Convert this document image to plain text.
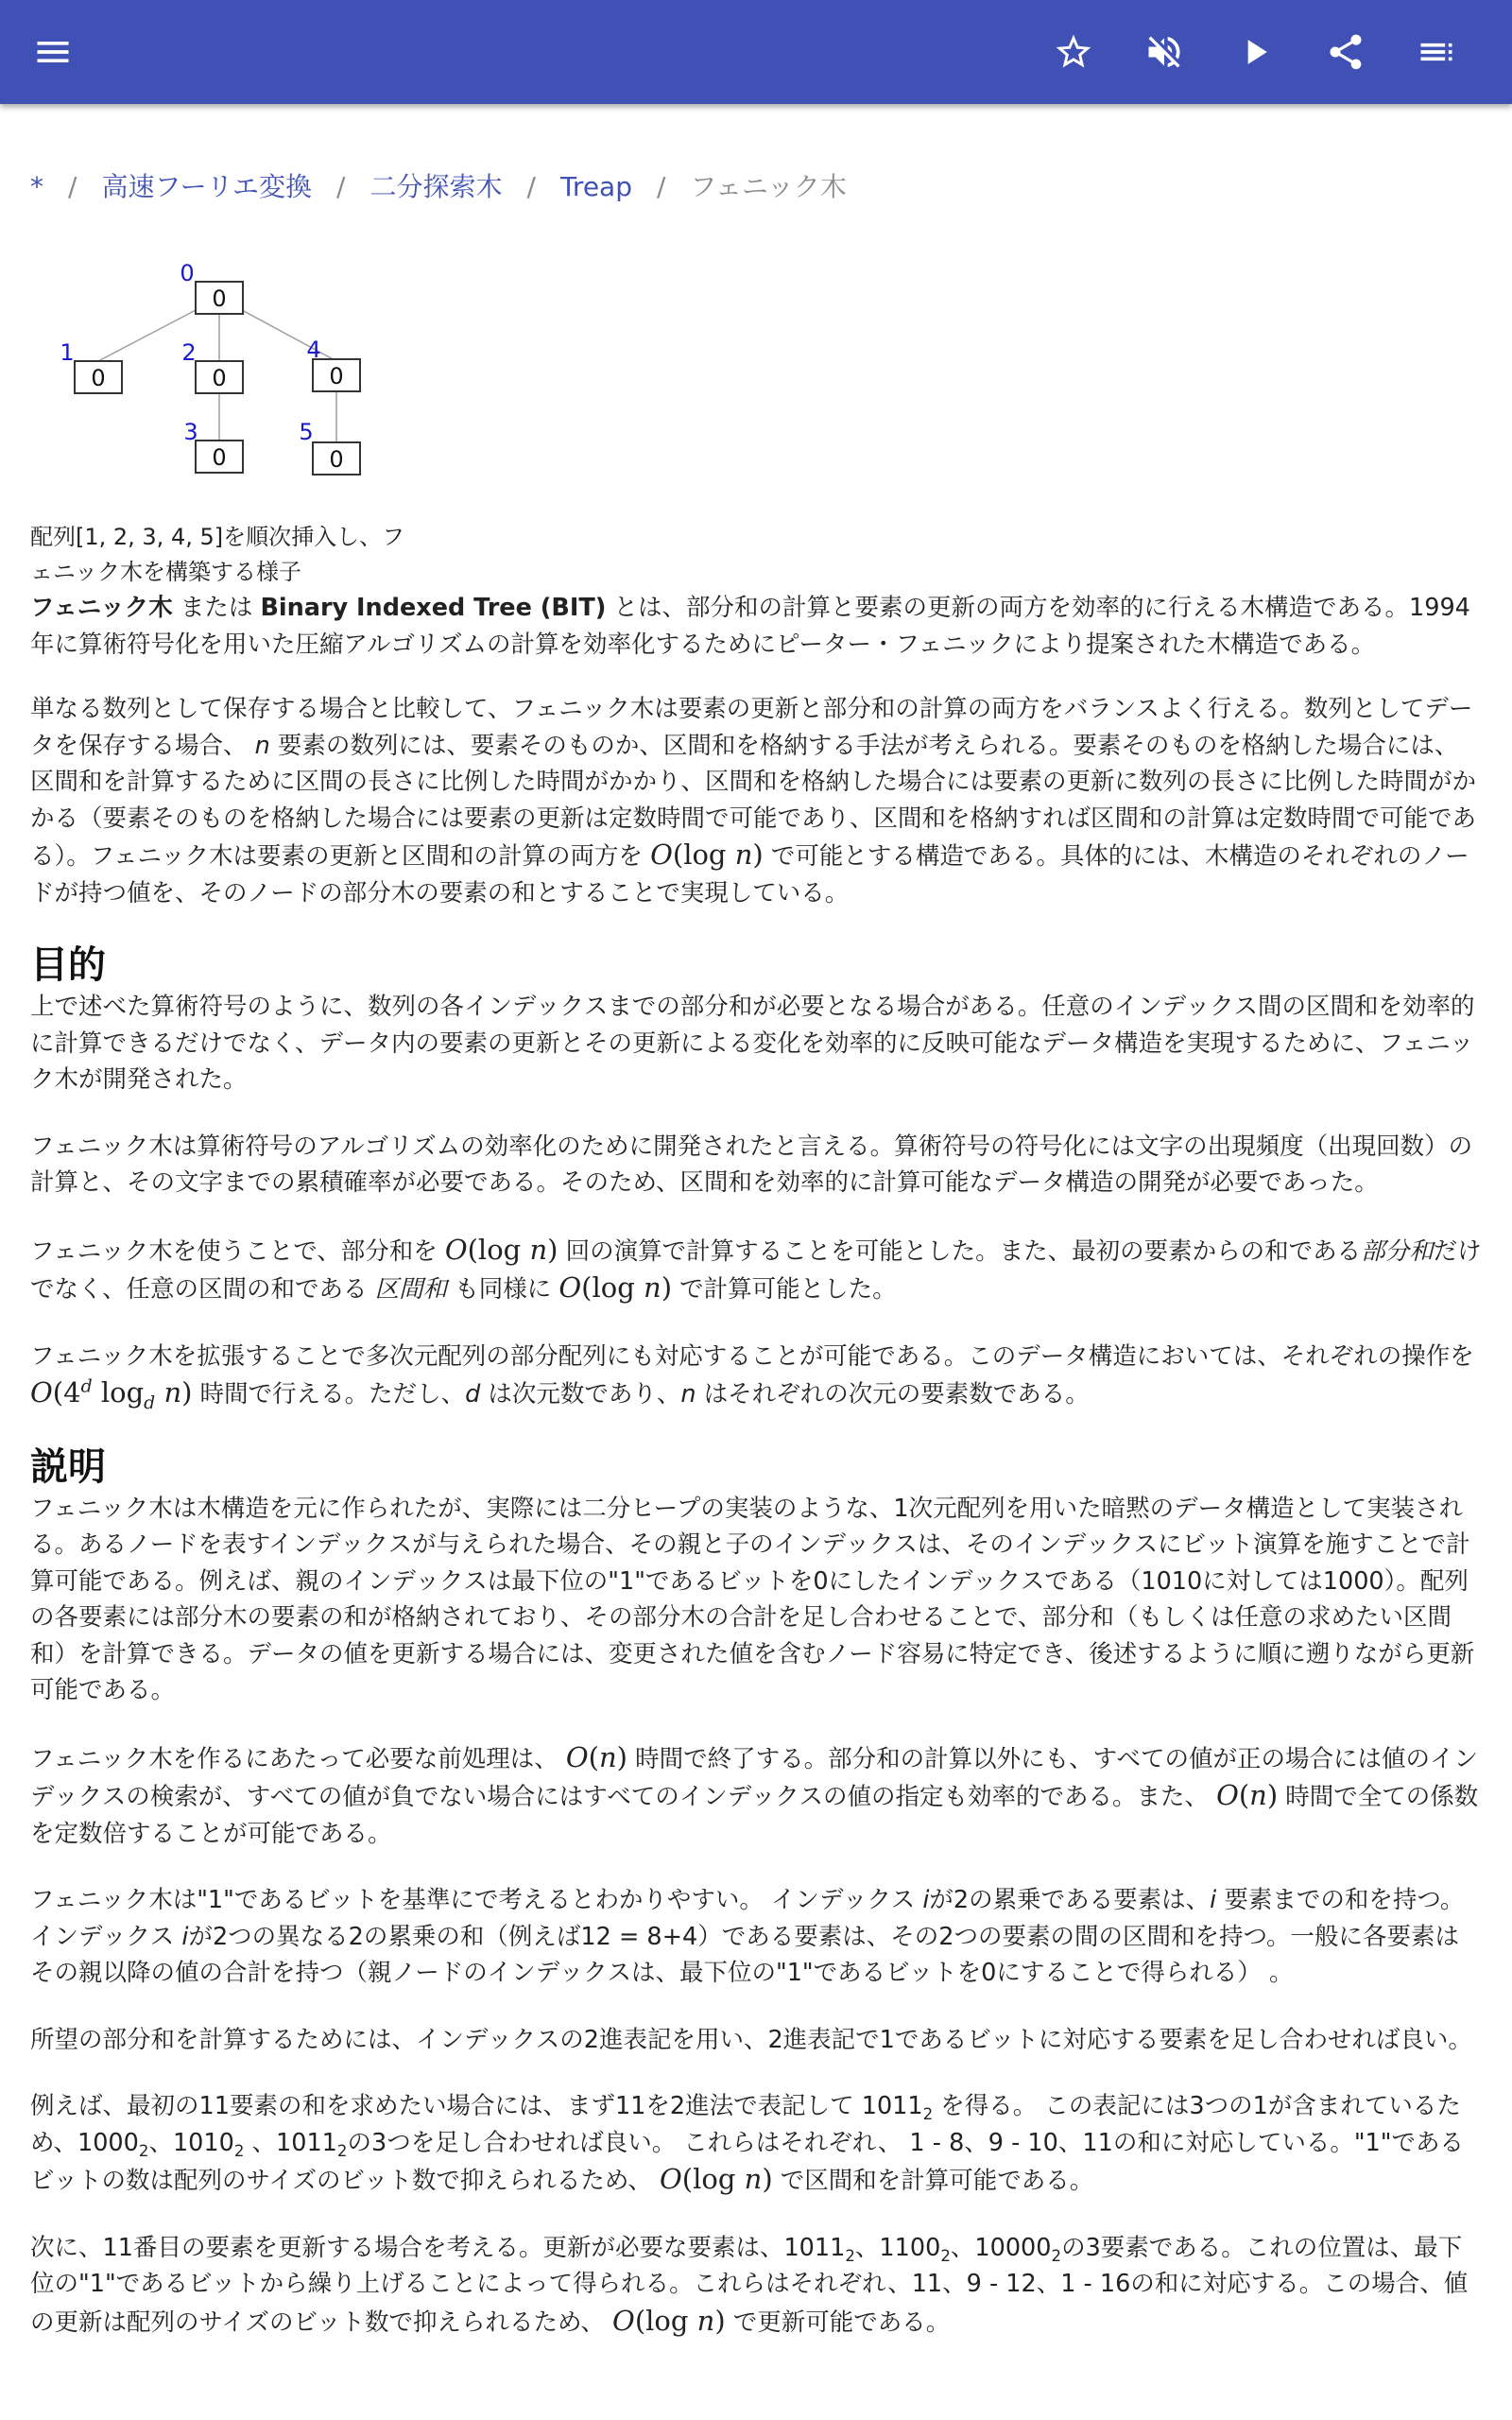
* / 高速フーリエ変換 / 二分探索木 / Treap / フェニック木
0
0	0	0
0	0
0
1	2
3
4
5
配列[1, 2, 3, 4, 5]を順次挿入し、フ
ェニック木を構築する様子

フェニック木 または Binary Indexed Tree (BIT) とは、部分和の計算と要素の更新の両方を効率的に行える木構造である。1994年に算術符号化を用いた圧縮アルゴリズムの計算を効率化するためにピーター・フェニックにより提案された木構造である。

単なる数列として保存する場合と比較して、フェニック木は要素の更新と部分和の計算の両方をバランスよく行える。数列としてデータを保存する場合、 n 要素の数列には、要素そのものか、区間和を格納する手法が考えられる。要素そのものを格納した場合には、区間和を計算するために区間の長さに比例した時間がかかり、区間和を格納した場合には要素の更新に数列の長さに比例した時間がかかる（要素そのものを格納した場合には要素の更新は定数時間で可能であり、区間和を格納すれば区間和の計算は定数時間で可能である）。フェニック木は要素の更新と区間和の計算の両方を O(log n) で可能とする構造である。具体的には、木構造のそれぞれのノードが持つ値を、そのノードの部分木の要素の和とすることで実現している。

目的

上で述べた算術符号のように、数列の各インデックスまでの部分和が必要となる場合がある。任意のインデックス間の区間和を効率的に計算できるだけでなく、データ内の要素の更新とその更新による変化を効率的に反映可能なデータ構造を実現するために、フェニック木が開発された。

フェニック木は算術符号のアルゴリズムの効率化のために開発されたと言える。算術符号の符号化には文字の出現頻度（出現回数）の計算と、その文字までの累積確率が必要である。そのため、区間和を効率的に計算可能なデータ構造の開発が必要であった。

フェニック木を使うことで、部分和を O(log n) 回の演算で計算することを可能とした。また、最初の要素からの和である部分和だけでなく、任意の区間の和である 区間和 も同様に O(log n) で計算可能とした。

フェニック木を拡張することで多次元配列の部分配列にも対応することが可能である。このデータ構造においては、それぞれの操作を O(4$^d$ $\log_d n$) 時間で行える。ただし、d は次元数であり、n はそれぞれの次元の要素数である。

説明

フェニック木は木構造を元に作られたが、実際には二分ヒープの実装のような、1次元配列を用いた暗黙のデータ構造として実装される。あるノードを表すインデックスが与えられた場合、その親と子のインデックスは、そのインデックスにビット演算を施すことで計算可能である。例えば、親のインデックスは最下位の"1"であるビットを0にしたインデックスである（1010に対しては1000）。配列の各要素には部分木の要素の和が格納されており、その部分木の合計を足し合わせることで、部分和（もしくは任意の求めたい区間和）を計算できる。データの値を更新する場合には、変更された値を含むノード容易に特定でき、後述するように順に遡りながら更新可能である。

フェニック木を作るにあたって必要な前処理は、 O(n) 時間で終了する。部分和の計算以外にも、すべての値が正の場合には値のインデックスの検索が、すべての値が負でない場合にはすべてのインデックスの値の指定も効率的である。また、 O(n) 時間で全ての係数を定数倍することが可能である。

フェニック木は"1"であるビットを基準にで考えるとわかりやすい。 インデックス iが2の累乗である要素は、i 要素までの和を持つ。インデックス iが2つの異なる2の累乗の和（例えば12 = 8+4）である要素は、その2つの要素の間の区間和を持つ。一般に各要素はその親以降の値の合計を持つ（親ノードのインデックスは、最下位の"1"であるビットを0にすることで得られる） 。

所望の部分和を計算するためには、インデックスの2進表記を用い、2進表記で1であるビットに対応する要素を足し合わせれば良い。

例えば、最初の11要素の和を求めたい場合には、まず11を2進法で表記して $1011_2$ を得る。 この表記には3つの1が含まれているため、$1000_2$、$1010_2$ 、$1011_2$の3つを足し合わせれば良い。 これらはそれぞれ、 1 - 8、9 - 10、11の和に対応している。"1"であるビットの数は配列のサイズのビット数で抑えられるため、 O(log n) で区間和を計算可能である。

次に、11番目の要素を更新する場合を考える。更新が必要な要素は、$1011_2$、$1100_2$、$10000_2$の3要素である。これの位置は、最下位の"1"であるビットから繰り上げることによって得られる。これらはそれぞれ、11、9 - 12、1 - 16の和に対応する。この場合、値の更新は配列のサイズのビット数で抑えられるため、 O(log n) で更新可能である。
